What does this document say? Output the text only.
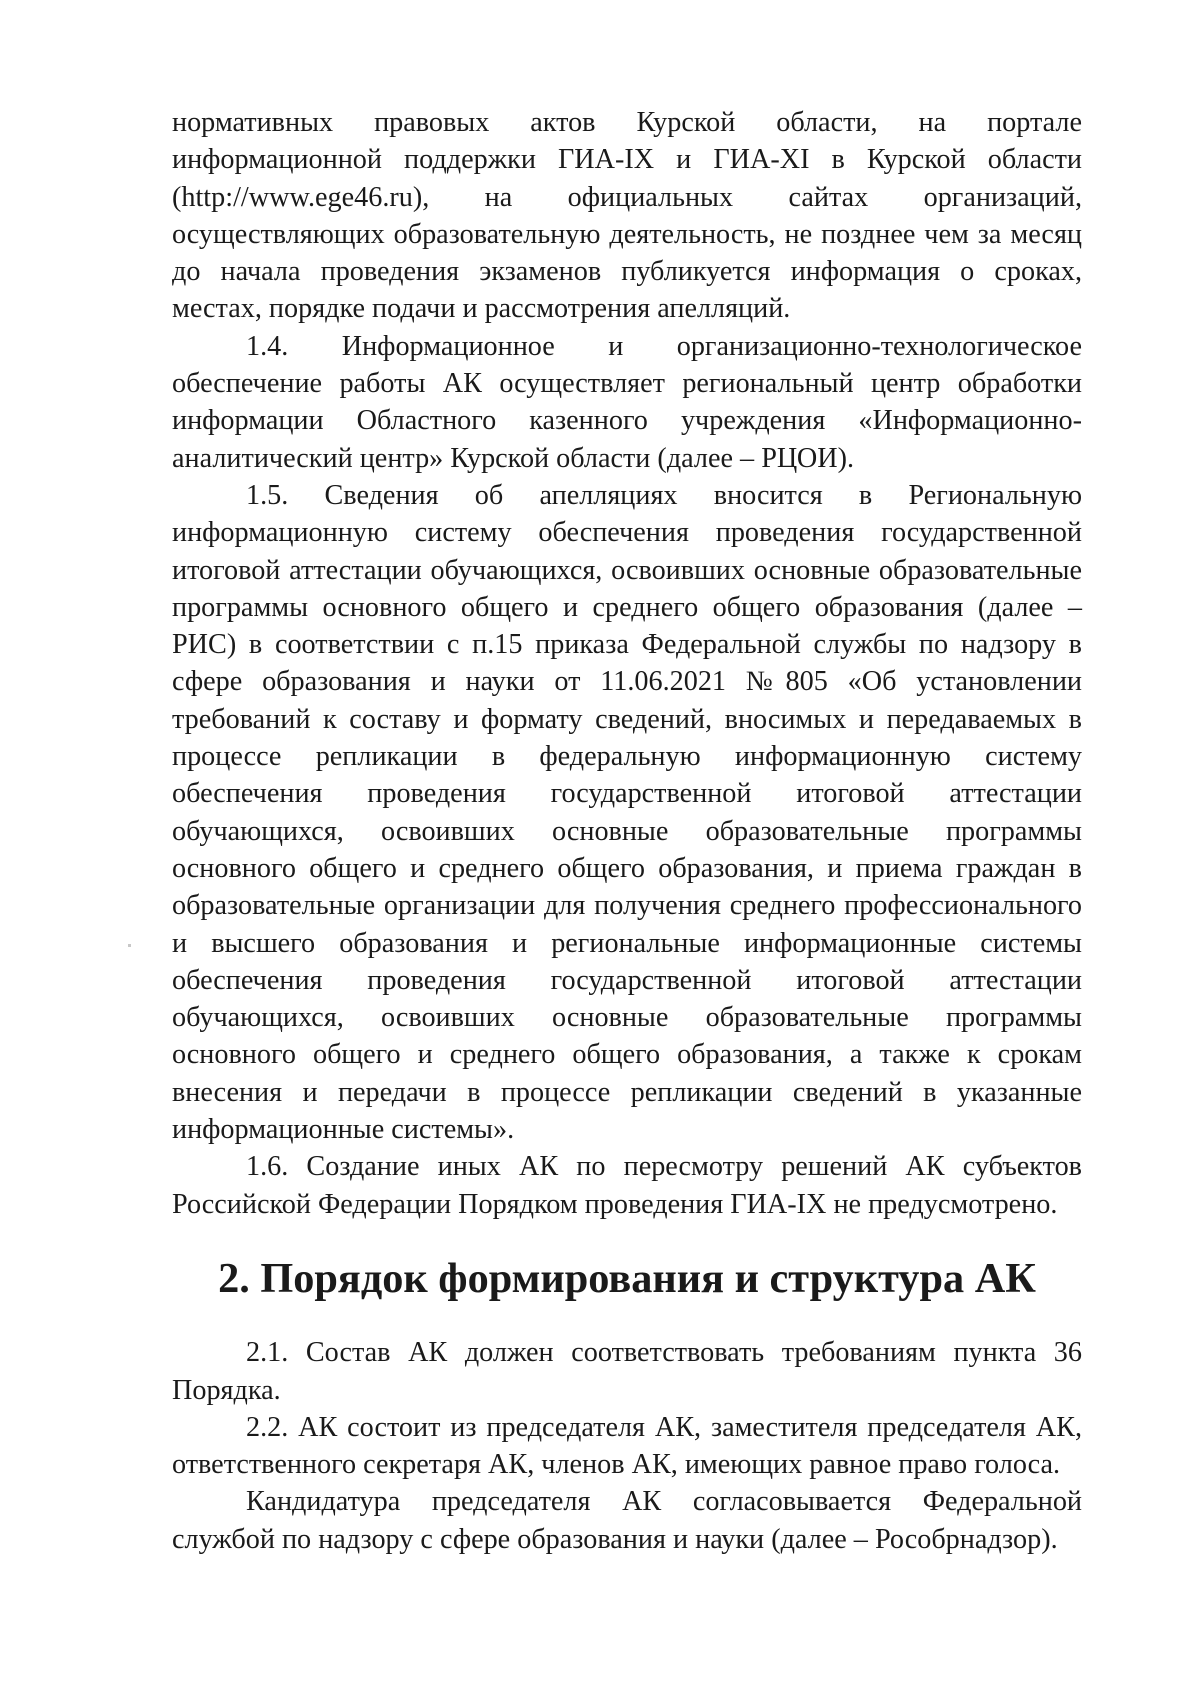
нормативных правовых актов Курской области, на портале информационной поддержки ГИА-IX и ГИА-XI в Курской области (http://www.ege46.ru), на официальных сайтах организаций, осуществляющих образовательную деятельность, не позднее чем за месяц до начала проведения экзаменов публикуется информация о сроках, местах, порядке подачи и рассмотрения апелляций.

1.4. Информационное и организационно-технологическое обеспечение работы АК осуществляет региональный центр обработки информации Областного казенного учреждения «Информационно-аналитический центр» Курской области (далее – РЦОИ).

1.5. Сведения об апелляциях вносится в Региональную информационную систему обеспечения проведения государственной итоговой аттестации обучающихся, освоивших основные образовательные программы основного общего и среднего общего образования (далее – РИС) в соответствии с п.15 приказа Федеральной службы по надзору в сфере образования и науки от 11.06.2021 №805 «Об установлении требований к составу и формату сведений, вносимых и передаваемых в процессе репликации в федеральную информационную систему обеспечения проведения государственной итоговой аттестации обучающихся, освоивших основные образовательные программы основного общего и среднего общего образования, и приема граждан в образовательные организации для получения среднего профессионального и высшего образования и региональные информационные системы обеспечения проведения государственной итоговой аттестации обучающихся, освоивших основные образовательные программы основного общего и среднего общего образования, а также к срокам внесения и передачи в процессе репликации сведений в указанные информационные системы».

1.6. Создание иных АК по пересмотру решений АК субъектов Российской Федерации Порядком проведения ГИА-IX не предусмотрено.

2. Порядок формирования и структура АК

2.1. Состав АК должен соответствовать требованиям пункта 36 Порядка.

2.2. АК состоит из председателя АК, заместителя председателя АК, ответственного секретаря АК, членов АК, имеющих равное право голоса.

Кандидатура председателя АК согласовывается Федеральной службой по надзору с сфере образования и науки (далее – Рособрнадзор).
